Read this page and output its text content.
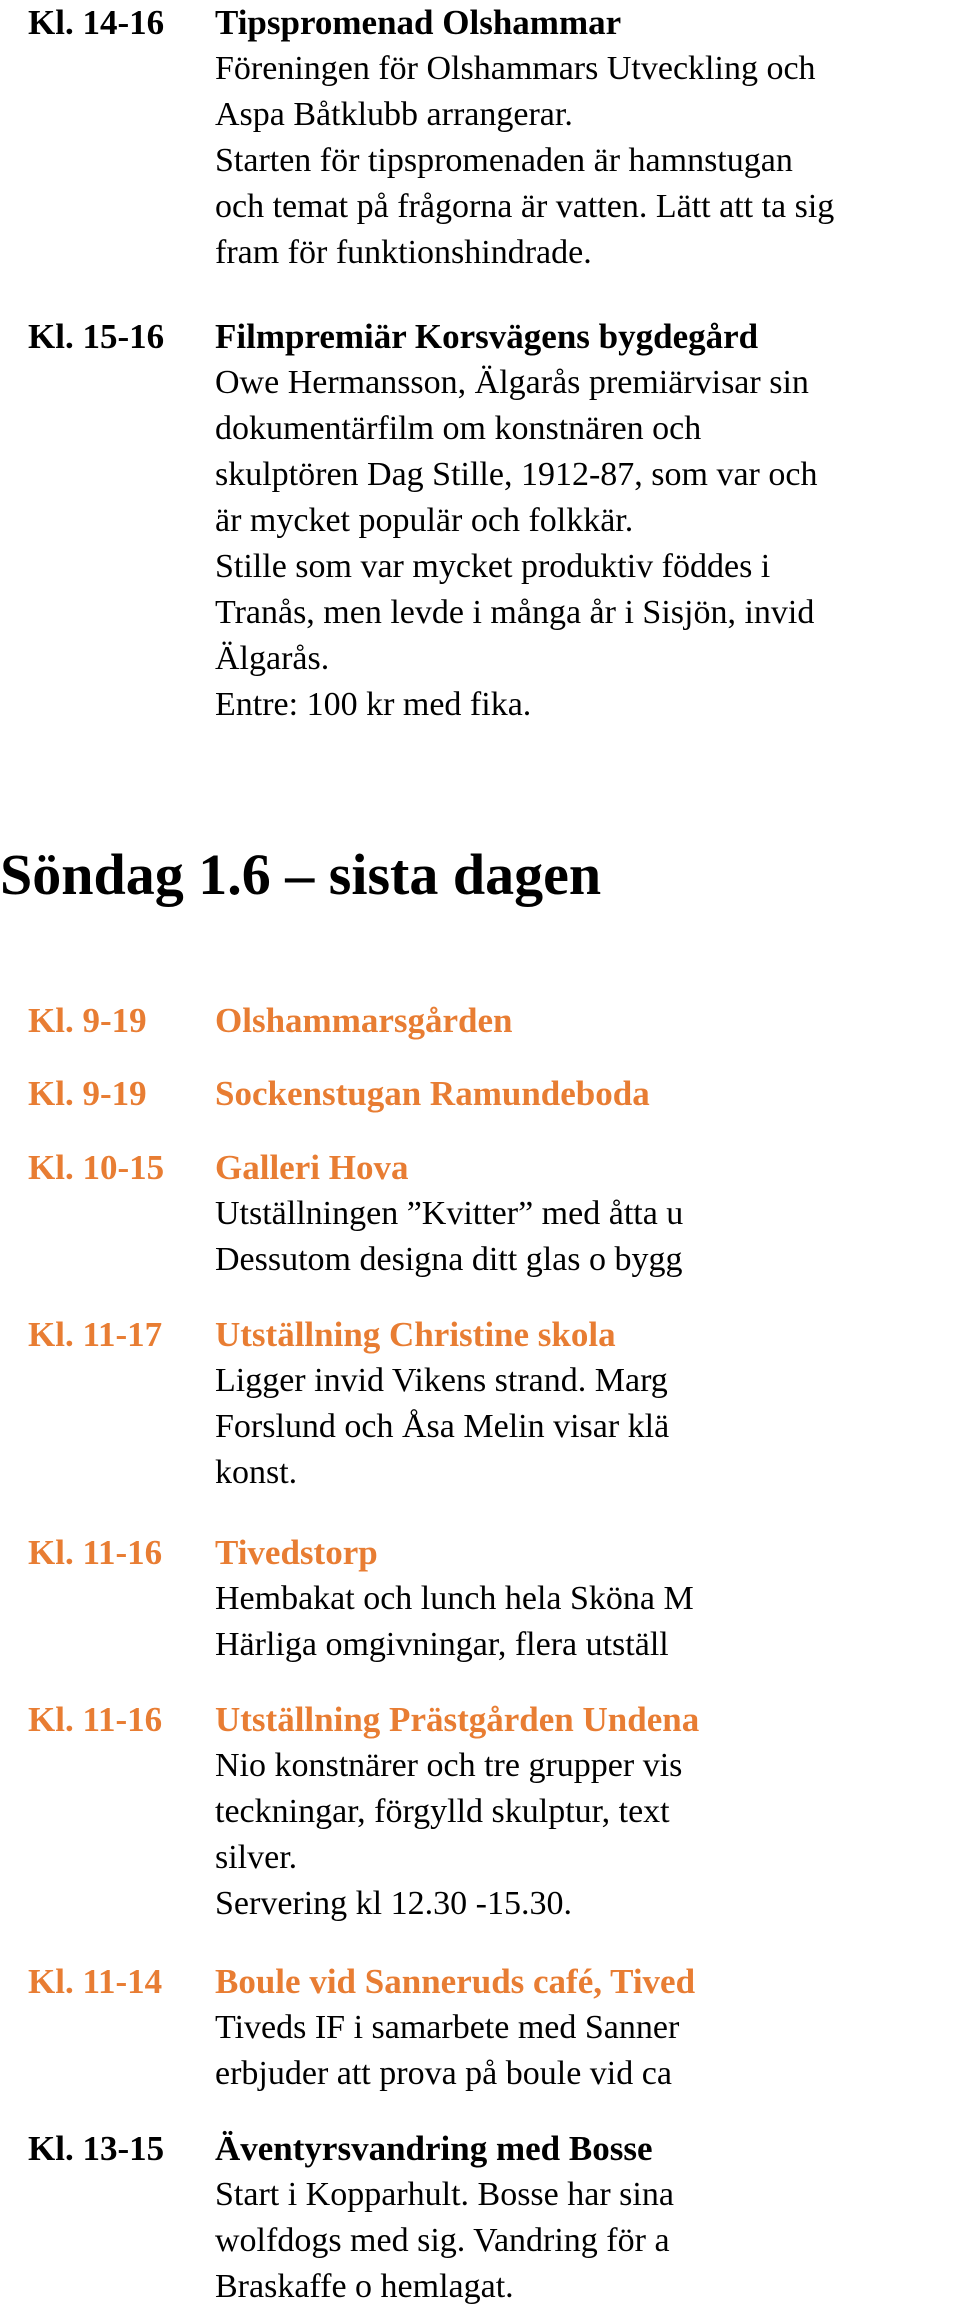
Kl. 14-16 Tipspromenad Olshammar
Föreningen för Olshammars Utveckling och
Aspa Båtklubb arrangerar.
Starten för tipspromenaden är hamnstugan
och temat på frågorna är vatten. Lätt att ta sig
fram för funktionshindrade.
Kl. 15-16 Filmpremiär Korsvägens bygdegård
Owe Hermansson, Älgarås premiärvisar sin
dokumentärfilm om konstnären och
skulptören Dag Stille, 1912-87, som var och
är mycket populär och folkkär.
Stille som var mycket produktiv föddes i
Tranås, men levde i många år i Sisjön, invid
Älgarås.
Entre: 100 kr med fika.
Söndag 1.6 – sista dagen
Kl. 9-19 Olshammarsgården
Kl. 9-19 Sockenstugan Ramundeboda
Kl. 10-15 Galleri Hova
Utställningen ”Kvitter” med åtta u
Dessutom designa ditt glas o bygg
Kl. 11-17 Utställning Christine skola
Ligger invid Vikens strand. Marg
Forslund och Åsa Melin visar klä
konst.
Kl. 11-16 Tivedstorp
Hembakat och lunch hela Sköna M
Härliga omgivningar, flera utställ
Kl. 11-16 Utställning Prästgården Undena
Nio konstnärer och tre grupper vis
teckningar, förgylld skulptur, text
silver.
Servering kl 12.30 -15.30.
Kl. 11-14 Boule vid Sanneruds café, Tived
Tiveds IF i samarbete med Sanner
erbjuder att prova på boule vid ca
Kl. 13-15 Äventyrsvandring med Bosse
Start i Kopparhult. Bosse har sina
wolfdogs med sig. Vandring för a
Braskaffe o hemlagat.
